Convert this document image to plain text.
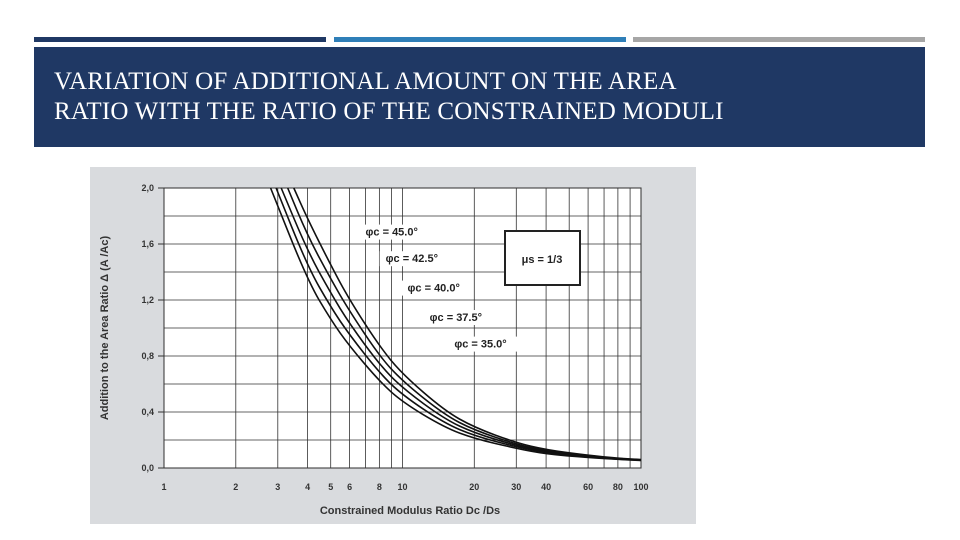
VARIATION OF ADDITIONAL AMOUNT ON THE AREA
RATIO WITH THE RATIO OF THE CONSTRAINED MODULI
0,0
0,4
0,8
1,2
1,6
2,0
1	2	3	4 5 6	8 10	20	30 40	60 80 100
φc = 45.0°
φc = 42.5°
φc = 40.0°
φc = 37.5°
φc = 35.0°
μs = 1/3
Constrained Modulus Ratio Dc /Ds
Addition to the Area Ratio Δ (A /Ac)
